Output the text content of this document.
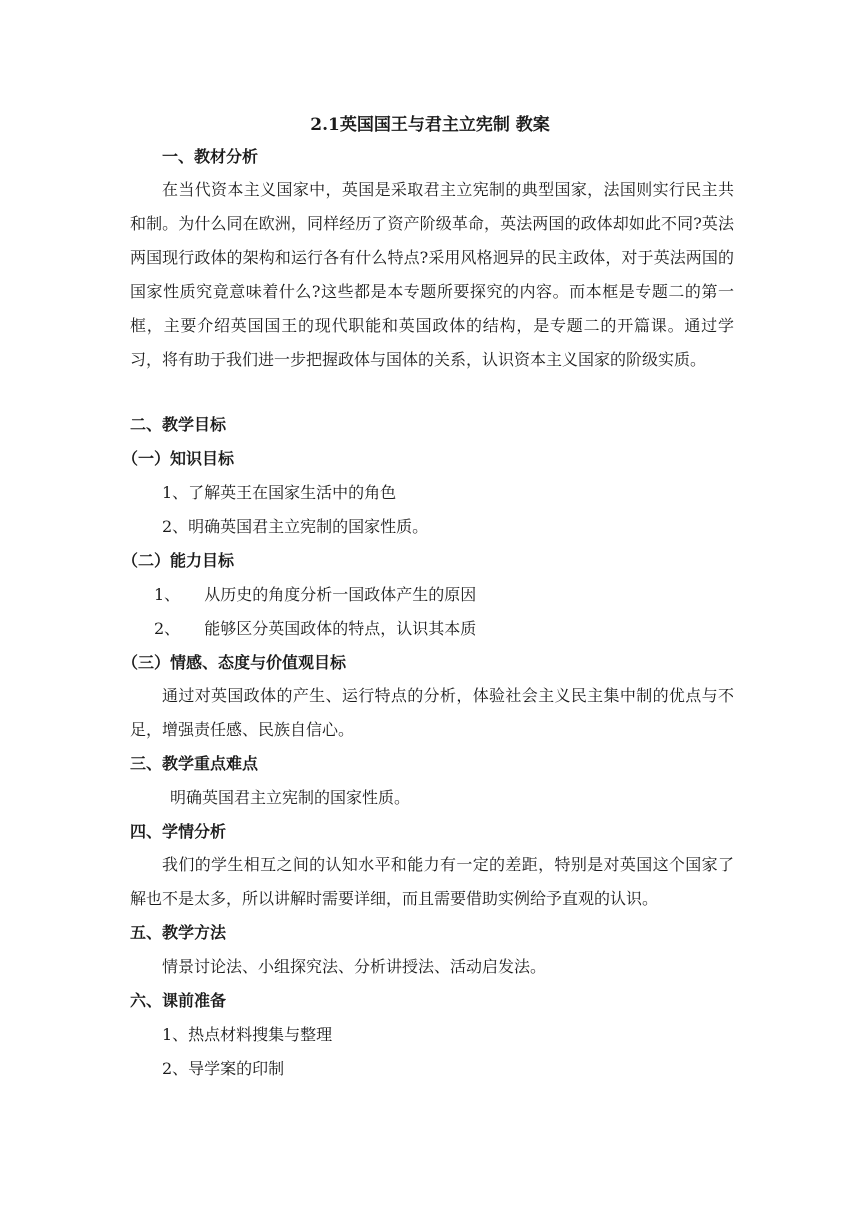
2.1英国国王与君主立宪制 教案
一、教材分析
在当代资本主义国家中，英国是采取君主立宪制的典型国家，法国则实行民主共和制。为什么同在欧洲，同样经历了资产阶级革命，英法两国的政体却如此不同?英法两国现行政体的架构和运行各有什么特点?采用风格迥异的民主政体，对于英法两国的国家性质究竟意味着什么?这些都是本专题所要探究的内容。而本框是专题二的第一框，主要介绍英国国王的现代职能和英国政体的结构，是专题二的开篇课。通过学习，将有助于我们进一步把握政体与国体的关系，认识资本主义国家的阶级实质。
二、教学目标
（一）知识目标
1、了解英王在国家生活中的角色
2、明确英国君主立宪制的国家性质。
（二）能力目标
1、 从历史的角度分析一国政体产生的原因
2、 能够区分英国政体的特点，认识其本质
（三）情感、态度与价值观目标
通过对英国政体的产生、运行特点的分析，体验社会主义民主集中制的优点与不足，增强责任感、民族自信心。
三、教学重点难点
明确英国君主立宪制的国家性质。
四、学情分析
我们的学生相互之间的认知水平和能力有一定的差距，特别是对英国这个国家了解也不是太多，所以讲解时需要详细，而且需要借助实例给予直观的认识。
五、教学方法
情景讨论法、小组探究法、分析讲授法、活动启发法。
六、课前准备
1、热点材料搜集与整理
2、导学案的印制
